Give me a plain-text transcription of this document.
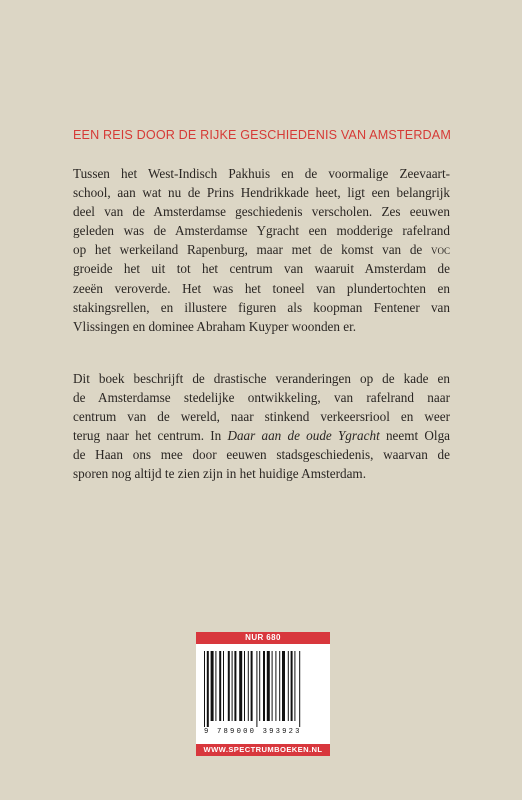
EEN REIS DOOR DE RIJKE GESCHIEDENIS VAN AMSTERDAM

Tussen het West-Indisch Pakhuis en de voormalige Zeevaart-
school, aan wat nu de Prins Hendrikkade heet, ligt een belangrijk
deel van de Amsterdamse geschiedenis verscholen. Zes eeuwen
geleden was de Amsterdamse Ygracht een modderige rafelrand
op het werkeiland Rapenburg, maar met de komst van de voc
groeide het uit tot het centrum van waaruit Amsterdam de
zeeën veroverde. Het was het toneel van plundertochten en
stakingsrellen, en illustere figuren als koopman Fentener van
Vlissingen en dominee Abraham Kuyper woonden er.

Dit boek beschrijft de drastische veranderingen op de kade en
de Amsterdamse stedelijke ontwikkeling, van rafelrand naar
centrum van de wereld, naar stinkend verkeersriool en weer
terug naar het centrum. In Daar aan de oude Ygracht neemt Olga
de Haan ons mee door eeuwen stadsgeschiedenis, waarvan de
sporen nog altijd te zien zijn in het huidige Amsterdam.

NUR 680
9 789000 393923
WWW.SPECTRUMBOEKEN.NL
